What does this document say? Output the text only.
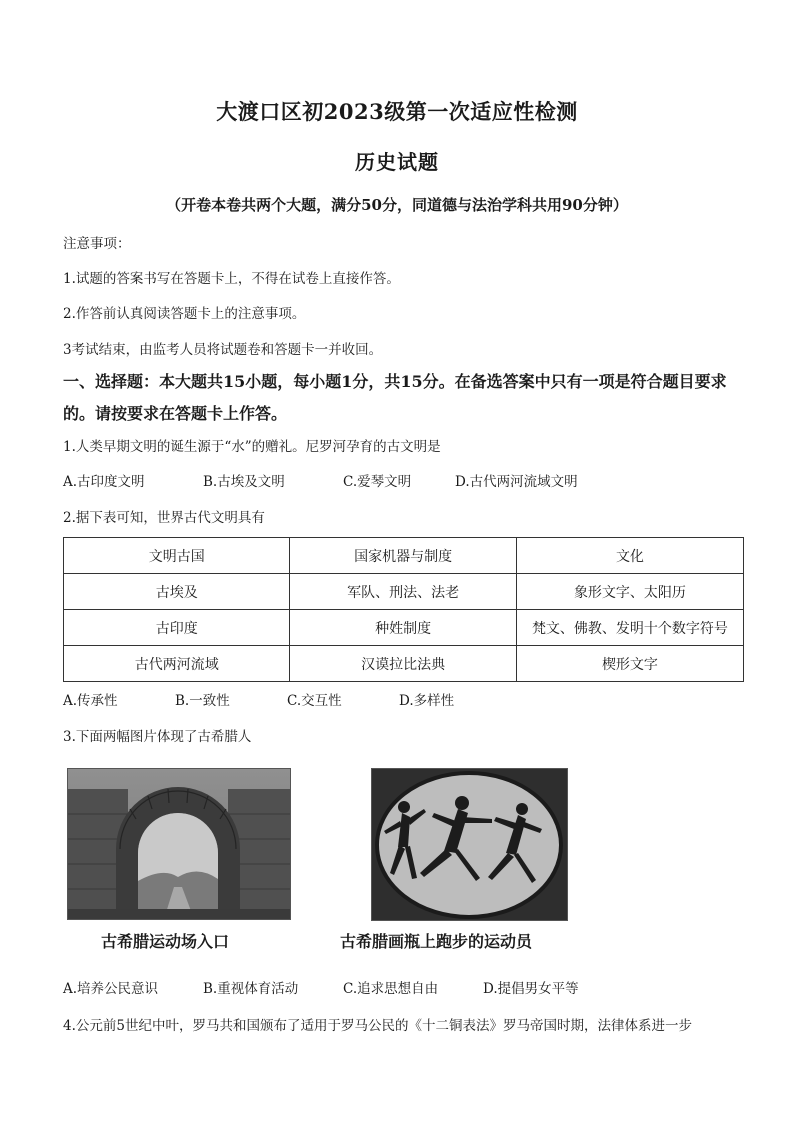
大渡口区初2023级第一次适应性检测
历史试题
（开卷本卷共两个大题，满分50分，同道德与法治学科共用90分钟）
注意事项：
1.试题的答案书写在答题卡上，不得在试卷上直接作答。
2.作答前认真阅读答题卡上的注意事项。
3考试结束，由监考人员将试题卷和答题卡一并收回。
一、选择题：本大题共15小题，每小题1分，共15分。在备选答案中只有一项是符合题目要求的。请按要求在答题卡上作答。
1.人类早期文明的诞生源于“水”的赠礼。尼罗河孕育的古文明是
A.古印度文明	B.古埃及文明	C.爱琴文明	D.古代两河流域文明
2.据下表可知，世界古代文明具有
文明古国	国家机器与制度	文化
古埃及	军队、刑法、法老	象形文字、太阳历
古印度	种姓制度	梵文、佛教、发明十个数字符号
古代两河流域	汉谟拉比法典	楔形文字
A.传承性	B.一致性	C.交互性	D.多样性
3.下面两幅图片体现了古希腊人
古希腊运动场入口	古希腊画瓶上跑步的运动员
A.培养公民意识	B.重视体育活动	C.追求思想自由	D.提倡男女平等
4.公元前5世纪中叶，罗马共和国颁布了适用于罗马公民的《十二铜表法》罗马帝国时期，法律体系进一步
